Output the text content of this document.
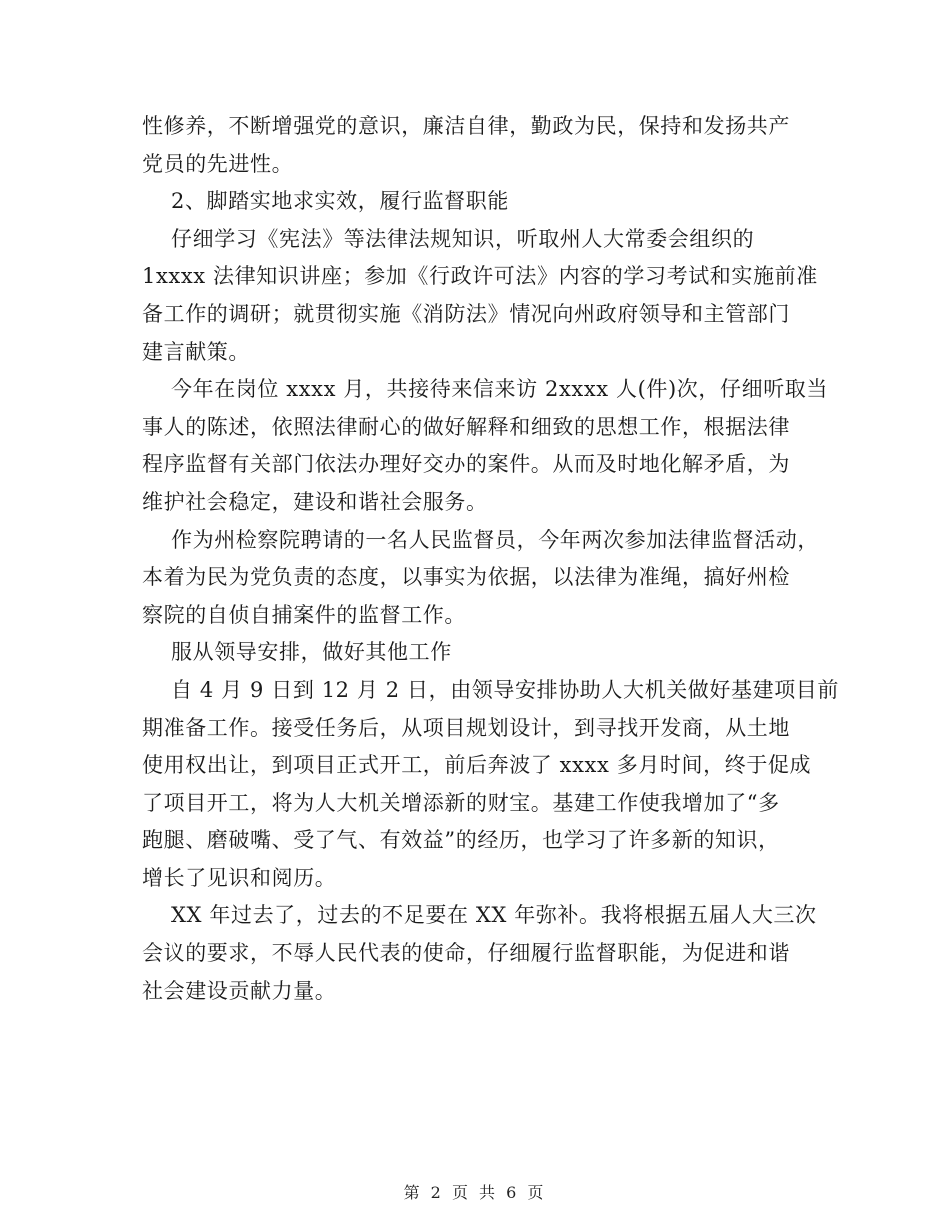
性修养，不断增强党的意识，廉洁自律，勤政为民，保持和发扬共产
党员的先进性。
2、脚踏实地求实效，履行监督职能
仔细学习《宪法》等法律法规知识，听取州人大常委会组织的
1xxxx 法律知识讲座；参加《行政许可法》内容的学习考试和实施前准
备工作的调研；就贯彻实施《消防法》情况向州政府领导和主管部门
建言献策。
今年在岗位 xxxx 月，共接待来信来访 2xxxx 人(件)次，仔细听取当
事人的陈述，依照法律耐心的做好解释和细致的思想工作，根据法律
程序监督有关部门依法办理好交办的案件。从而及时地化解矛盾，为
维护社会稳定，建设和谐社会服务。
作为州检察院聘请的一名人民监督员，今年两次参加法律监督活动，
本着为民为党负责的态度，以事实为依据，以法律为准绳，搞好州检
察院的自侦自捕案件的监督工作。
服从领导安排，做好其他工作
自 4 月 9 日到 12 月 2 日，由领导安排协助人大机关做好基建项目前
期准备工作。接受任务后，从项目规划设计，到寻找开发商，从土地
使用权出让，到项目正式开工，前后奔波了 xxxx 多月时间，终于促成
了项目开工，将为人大机关增添新的财宝。基建工作使我增加了“多
跑腿、磨破嘴、受了气、有效益”的经历，也学习了许多新的知识，
增长了见识和阅历。
XX 年过去了，过去的不足要在 XX 年弥补。我将根据五届人大三次
会议的要求，不辱人民代表的使命，仔细履行监督职能，为促进和谐
社会建设贡献力量。
第 2 页 共 6 页
